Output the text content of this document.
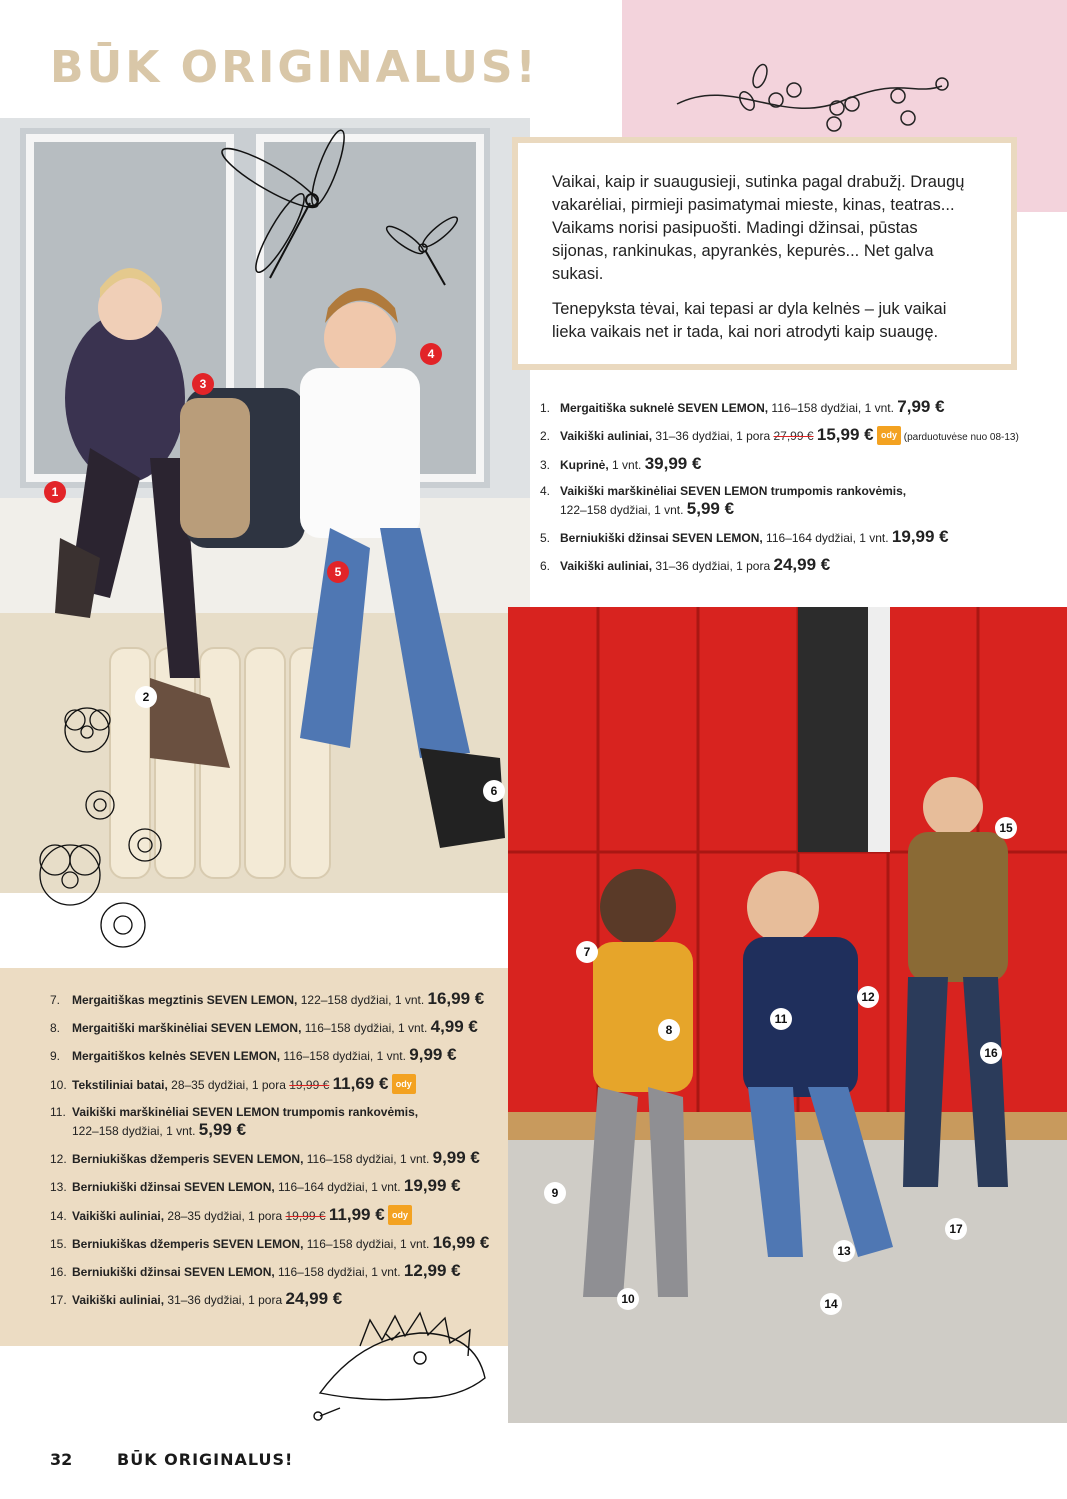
BŪK ORIGINALUS!

Vaikai, kaip ir suaugusieji, sutinka pagal drabužį. Draugų vakarėliai, pirmieji pasimatymai mieste, kinas, teatras... Vaikams norisi pasipuošti. Madingi džinsai, pūstas sijonas, rankinukas, apyrankės, kepurės... Net galva sukasi.

Tenepyksta tėvai, kai tepasi ar dyla kelnės – juk vaikai lieka vaikais net ir tada, kai nori atrodyti kaip suaugę.

1. Mergaitiška suknelė SEVEN LEMON, 116–158 dydžiai, 1 vnt. 7,99 €
2. Vaikiški auliniai, 31–36 dydžiai, 1 pora 27,99 € 15,99 € ody (parduotuvėse nuo 08-13)
3. Kuprinė, 1 vnt. 39,99 €
4. Vaikiški marškinėliai SEVEN LEMON trumpomis rankovėmis,
122–158 dydžiai, 1 vnt. 5,99 €
5. Berniukiški džinsai SEVEN LEMON, 116–164 dydžiai, 1 vnt. 19,99 €
6. Vaikiški auliniai, 31–36 dydžiai, 1 pora 24,99 €
7. Mergaitiškas megztinis SEVEN LEMON, 122–158 dydžiai, 1 vnt. 16,99 €
8. Mergaitiški marškinėliai SEVEN LEMON, 116–158 dydžiai, 1 vnt. 4,99 €
9. Mergaitiškos kelnės SEVEN LEMON, 116–158 dydžiai, 1 vnt. 9,99 €
10. Tekstiliniai batai, 28–35 dydžiai, 1 pora 19,99 € 11,69 € ody
11. Vaikiški marškinėliai SEVEN LEMON trumpomis rankovėmis,
122–158 dydžiai, 1 vnt. 5,99 €
12. Berniukiškas džemperis SEVEN LEMON, 116–158 dydžiai, 1 vnt. 9,99 €
13. Berniukiški džinsai SEVEN LEMON, 116–164 dydžiai, 1 vnt. 19,99 €
14. Vaikiški auliniai, 28–35 dydžiai, 1 pora 19,99 € 11,99 € ody
15. Berniukiškas džemperis SEVEN LEMON, 116–158 dydžiai, 1 vnt. 16,99 €
16. Berniukiški džinsai SEVEN LEMON, 116–158 dydžiai, 1 vnt. 12,99 €
17. Vaikiški auliniai, 31–36 dydžiai, 1 pora 24,99 €
1
2
3
4
5
6
7
8
9
10
11
12
13
14
15
16
17
32	BŪK ORIGINALUS!
